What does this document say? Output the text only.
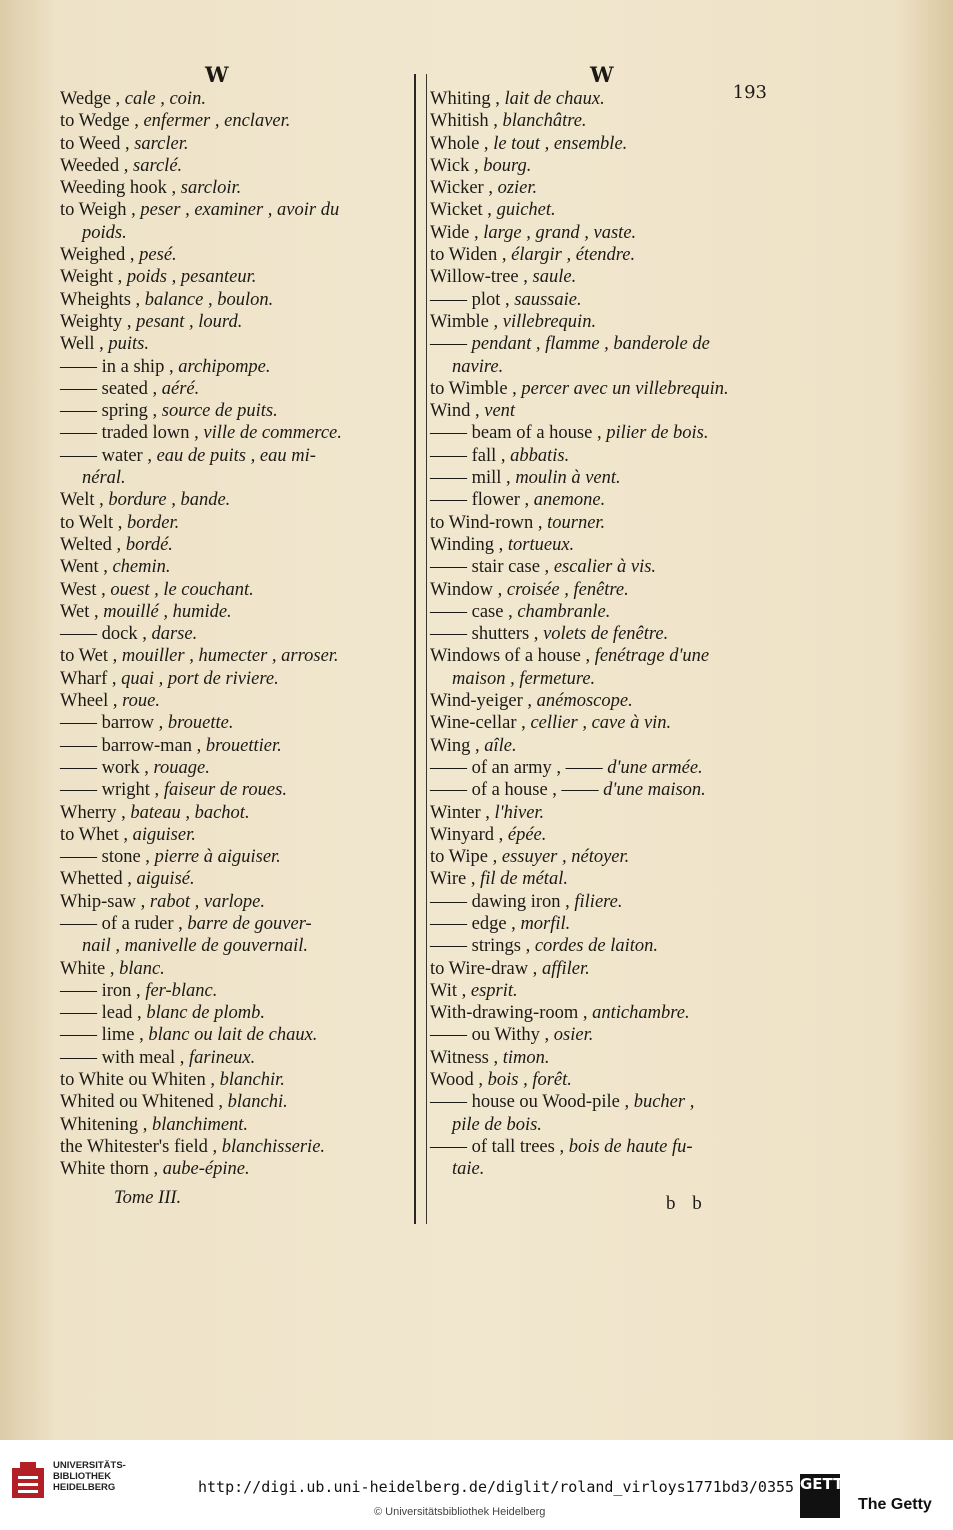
W	W
193
Wedge , cale , coin.
to Wedge , enfermer , enclaver.
to Weed , sarcler.
Weeded , sarclé.
Weeding hook , sarcloir.
to Weigh , peser , examiner , avoir du
poids.
Weighed , pesé.
Weight , poids , pesanteur.
Wheights , balance , boulon.
Weighty , pesant , lourd.
Well , puits.
—— in a ship , archipompe.
—— seated , aéré.
—— spring , source de puits.
—— traded lown , ville de commerce.
—— water , eau de puits , eau mi-
néral.
Welt , bordure , bande.
to Welt , border.
Welted , bordé.
Went , chemin.
West , ouest , le couchant.
Wet , mouillé , humide.
—— dock , darse.
to Wet , mouiller , humecter , arroser.
Wharf , quai , port de riviere.
Wheel , roue.
—— barrow , brouette.
—— barrow-man , brouettier.
—— work , rouage.
—— wright , faiseur de roues.
Wherry , bateau , bachot.
to Whet , aiguiser.
—— stone , pierre à aiguiser.
Whetted , aiguisé.
Whip-saw , rabot , varlope.
—— of a ruder , barre de gouver-
nail , manivelle de gouvernail.
White , blanc.
—— iron , fer-blanc.
—— lead , blanc de plomb.
—— lime , blanc ou lait de chaux.
—— with meal , farineux.
to White ou Whiten , blanchir.
Whited ou Whitened , blanchi.
Whitening , blanchiment.
the Whitester's field , blanchisserie.
White thorn , aube-épine.
Whiting , lait de chaux.
Whitish , blanchâtre.
Whole , le tout , ensemble.
Wick , bourg.
Wicker , ozier.
Wicket , guichet.
Wide , large , grand , vaste.
to Widen , élargir , étendre.
Willow-tree , saule.
—— plot , saussaie.
Wimble , villebrequin.
—— pendant , flamme , banderole de
navire.
to Wimble , percer avec un villebrequin.
Wind , vent
—— beam of a house , pilier de bois.
—— fall , abbatis.
—— mill , moulin à vent.
—— flower , anemone.
to Wind-rown , tourner.
Winding , tortueux.
—— stair case , escalier à vis.
Window , croisée , fenêtre.
—— case , chambranle.
—— shutters , volets de fenêtre.
Windows of a house , fenétrage d'une
maison , fermeture.
Wind-yeiger , anémoscope.
Wine-cellar , cellier , cave à vin.
Wing , aîle.
—— of an army , —— d'une armée.
—— of a house , —— d'une maison.
Winter , l'hiver.
Winyard , épée.
to Wipe , essuyer , nétoyer.
Wire , fil de métal.
—— dawing iron , filiere.
—— edge , morfil.
—— strings , cordes de laiton.
to Wire-draw , affiler.
Wit , esprit.
With-drawing-room , antichambre.
—— ou Withy , osier.
Witness , timon.
Wood , bois , forêt.
—— house ou Wood-pile , bucher ,
pile de bois.
—— of tall trees , bois de haute fu-
taie.
Tome III.	b b
UNIVERSITÄTS-
BIBLIOTHEK
HEIDELBERG	http://digi.ub.uni-heidelberg.de/diglit/roland_virloys1771bd3/0355
© Universitätsbibliothek Heidelberg
GETTY
The Getty
